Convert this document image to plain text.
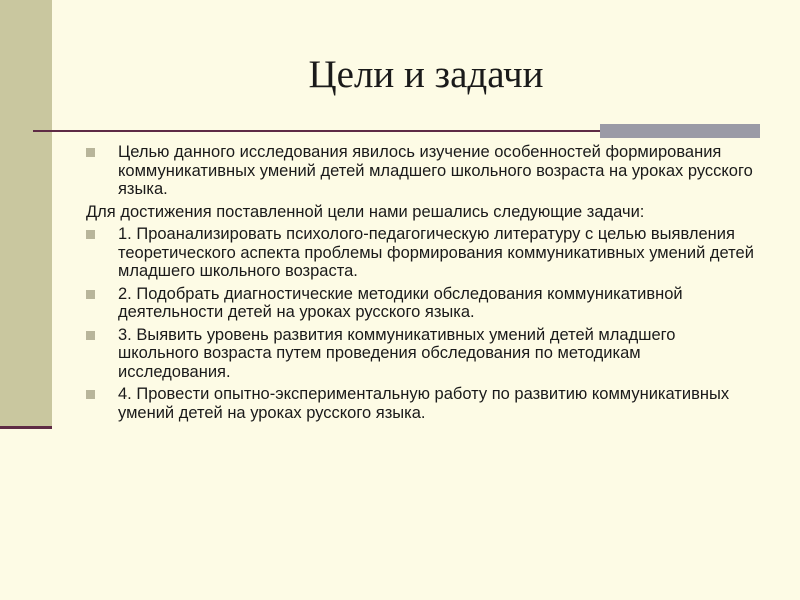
Цели и задачи
Целью данного исследования явилось изучение особенностей формирования коммуникативных умений детей младшего школьного возраста на уроках русского языка.
Для достижения поставленной цели нами решались следующие задачи:
1. Проанализировать психолого-педагогическую литературу с целью выявления теоретического аспекта проблемы формирования коммуникативных умений детей младшего школьного возраста.
2. Подобрать диагностические методики обследования коммуникативной деятельности детей на уроках русского языка.
3. Выявить уровень развития коммуникативных умений детей младшего школьного возраста путем проведения обследования по методикам исследования.
4. Провести опытно-экспериментальную работу по развитию коммуникативных умений детей на уроках русского языка.
